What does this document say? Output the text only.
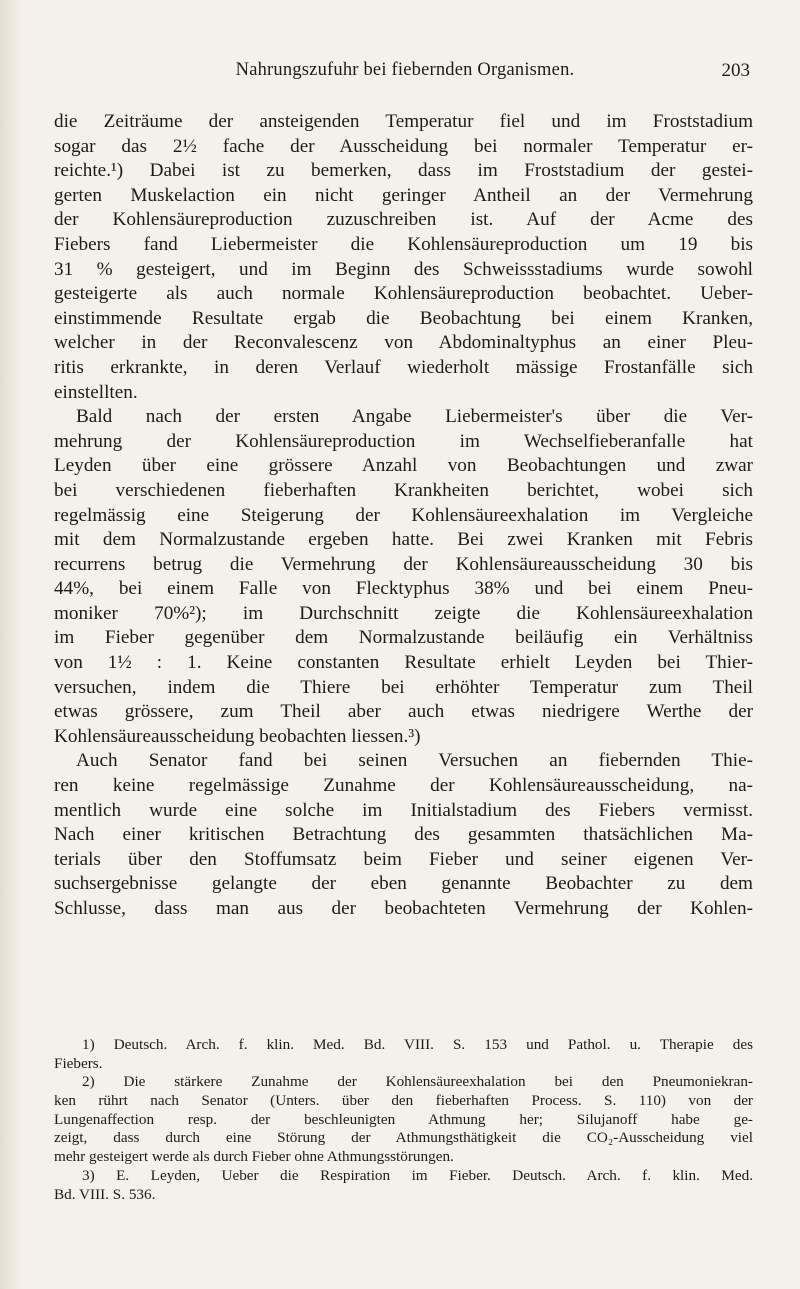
Nahrungszufuhr bei fiebernden Organismen.	203
die Zeiträume der ansteigenden Temperatur fiel und im Froststadium
sogar das 2½ fache der Ausscheidung bei normaler Temperatur er-
reichte.¹) Dabei ist zu bemerken, dass im Froststadium der gestei-
gerten Muskelaction ein nicht geringer Antheil an der Vermehrung
der Kohlensäureproduction zuzuschreiben ist. Auf der Acme des
Fiebers fand Liebermeister die Kohlensäureproduction um 19 bis
31 % gesteigert, und im Beginn des Schweissstadiums wurde sowohl
gesteigerte als auch normale Kohlensäureproduction beobachtet. Ueber-
einstimmende Resultate ergab die Beobachtung bei einem Kranken,
welcher in der Reconvalescenz von Abdominaltyphus an einer Pleu-
ritis erkrankte, in deren Verlauf wiederholt mässige Frostanfälle sich
einstellten.
Bald nach der ersten Angabe Liebermeister's über die Ver-
mehrung der Kohlensäureproduction im Wechselfieberanfalle hat
Leyden über eine grössere Anzahl von Beobachtungen und zwar
bei verschiedenen fieberhaften Krankheiten berichtet, wobei sich
regelmässig eine Steigerung der Kohlensäureexhalation im Vergleiche
mit dem Normalzustande ergeben hatte. Bei zwei Kranken mit Febris
recurrens betrug die Vermehrung der Kohlensäureausscheidung 30 bis
44%, bei einem Falle von Flecktyphus 38% und bei einem Pneu-
moniker 70%²); im Durchschnitt zeigte die Kohlensäureexhalation
im Fieber gegenüber dem Normalzustande beiläufig ein Verhältniss
von 1½ : 1. Keine constanten Resultate erhielt Leyden bei Thier-
versuchen, indem die Thiere bei erhöhter Temperatur zum Theil
etwas grössere, zum Theil aber auch etwas niedrigere Werthe der
Kohlensäureausscheidung beobachten liessen.³)
Auch Senator fand bei seinen Versuchen an fiebernden Thie-
ren keine regelmässige Zunahme der Kohlensäureausscheidung, na-
mentlich wurde eine solche im Initialstadium des Fiebers vermisst.
Nach einer kritischen Betrachtung des gesammten thatsächlichen Ma-
terials über den Stoffumsatz beim Fieber und seiner eigenen Ver-
suchsergebnisse gelangte der eben genannte Beobachter zu dem
Schlusse, dass man aus der beobachteten Vermehrung der Kohlen-
1) Deutsch. Arch. f. klin. Med. Bd. VIII. S. 153 und Pathol. u. Therapie des
Fiebers.
2) Die stärkere Zunahme der Kohlensäureexhalation bei den Pneumoniekran-
ken rührt nach Senator (Unters. über den fieberhaften Process. S. 110) von der
Lungenaffection resp. der beschleunigten Athmung her; Silujanoff habe ge-
zeigt, dass durch eine Störung der Athmungsthätigkeit die CO₂-Ausscheidung viel
mehr gesteigert werde als durch Fieber ohne Athmungsstörungen.
3) E. Leyden, Ueber die Respiration im Fieber. Deutsch. Arch. f. klin. Med.
Bd. VIII. S. 536.
